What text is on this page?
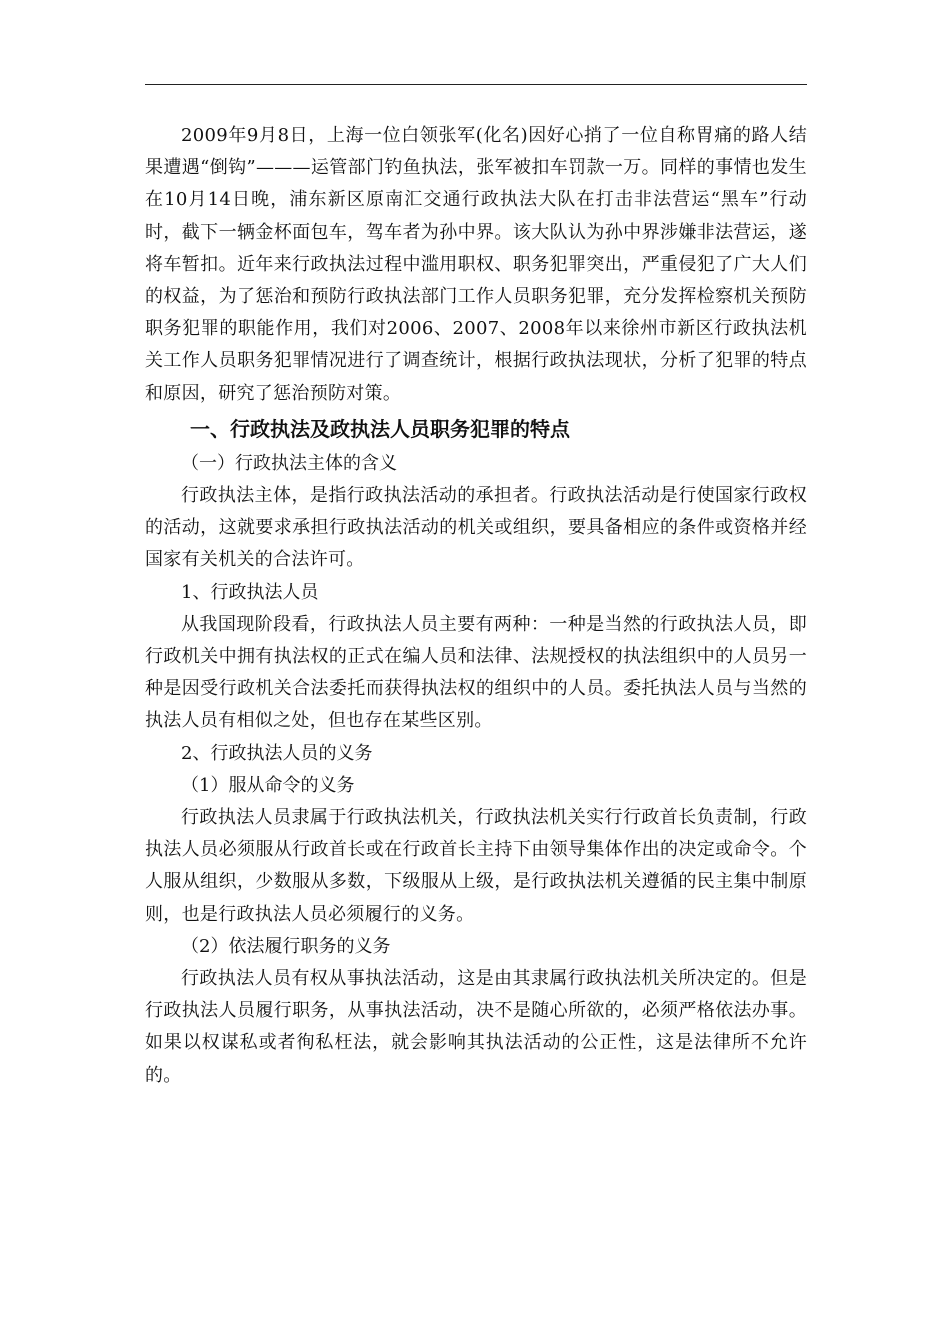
2009年9月8日，上海一位白领张军(化名)因好心捎了一位自称胃痛的路人结果遭遇“倒钩”———运管部门钓鱼执法，张军被扣车罚款一万。同样的事情也发生在10月14日晚，浦东新区原南汇交通行政执法大队在打击非法营运“黑车”行动时，截下一辆金杯面包车，驾车者为孙中界。该大队认为孙中界涉嫌非法营运，遂将车暂扣。近年来行政执法过程中滥用职权、职务犯罪突出，严重侵犯了广大人们的权益，为了惩治和预防行政执法部门工作人员职务犯罪，充分发挥检察机关预防职务犯罪的职能作用，我们对2006、2007、2008年以来徐州市新区行政执法机关工作人员职务犯罪情况进行了调查统计，根据行政执法现状，分析了犯罪的特点和原因，研究了惩治预防对策。

一、行政执法及政执法人员职务犯罪的特点

（一）行政执法主体的含义

行政执法主体，是指行政执法活动的承担者。行政执法活动是行使国家行政权的活动，这就要求承担行政执法活动的机关或组织，要具备相应的条件或资格并经国家有关机关的合法许可。

1、行政执法人员

从我国现阶段看，行政执法人员主要有两种：一种是当然的行政执法人员，即行政机关中拥有执法权的正式在编人员和法律、法规授权的执法组织中的人员另一种是因受行政机关合法委托而获得执法权的组织中的人员。委托执法人员与当然的执法人员有相似之处，但也存在某些区别。

2、行政执法人员的义务

（1）服从命令的义务

行政执法人员隶属于行政执法机关，行政执法机关实行行政首长负责制，行政执法人员必须服从行政首长或在行政首长主持下由领导集体作出的决定或命令。个人服从组织，少数服从多数，下级服从上级，是行政执法机关遵循的民主集中制原则，也是行政执法人员必须履行的义务。

（2）依法履行职务的义务

行政执法人员有权从事执法活动，这是由其隶属行政执法机关所决定的。但是行政执法人员履行职务，从事执法活动，决不是随心所欲的，必须严格依法办事。如果以权谋私或者徇私枉法，就会影响其执法活动的公正性，这是法律所不允许的。
